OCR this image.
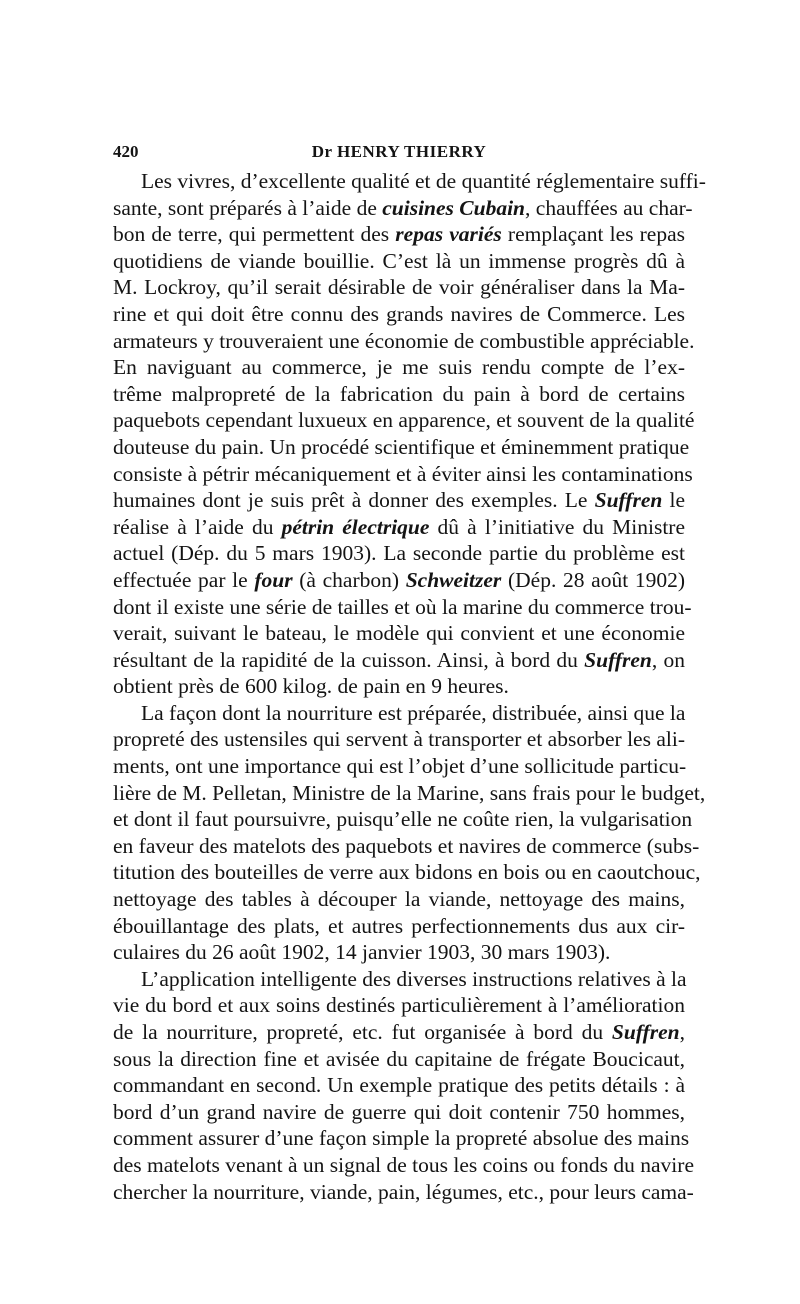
420	Dr HENRY THIERRY
Les vivres, d’excellente qualité et de quantité réglementaire suffi-
sante, sont préparés à l’aide de cuisines Cubain, chauffées au char-
bon de terre, qui permettent des repas variés remplaçant les repas
quotidiens de viande bouillie. C’est là un immense progrès dû à
M. Lockroy, qu’il serait désirable de voir généraliser dans la Ma-
rine et qui doit être connu des grands navires de Commerce. Les
armateurs y trouveraient une économie de combustible appréciable.
En naviguant au commerce, je me suis rendu compte de l’ex-
trême malpropreté de la fabrication du pain à bord de certains
paquebots cependant luxueux en apparence, et souvent de la qualité
douteuse du pain. Un procédé scientifique et éminemment pratique
consiste à pétrir mécaniquement et à éviter ainsi les contaminations
humaines dont je suis prêt à donner des exemples. Le Suffren le
réalise à l’aide du pétrin électrique dû à l’initiative du Ministre
actuel (Dép. du 5 mars 1903). La seconde partie du problème est
effectuée par le four (à charbon) Schweitzer (Dép. 28 août 1902)
dont il existe une série de tailles et où la marine du commerce trou-
verait, suivant le bateau, le modèle qui convient et une économie
résultant de la rapidité de la cuisson. Ainsi, à bord du Suffren, on
obtient près de 600 kilog. de pain en 9 heures.
La façon dont la nourriture est préparée, distribuée, ainsi que la
propreté des ustensiles qui servent à transporter et absorber les ali-
ments, ont une importance qui est l’objet d’une sollicitude particu-
lière de M. Pelletan, Ministre de la Marine, sans frais pour le budget,
et dont il faut poursuivre, puisqu’elle ne coûte rien, la vulgarisation
en faveur des matelots des paquebots et navires de commerce (subs-
titution des bouteilles de verre aux bidons en bois ou en caoutchouc,
nettoyage des tables à découper la viande, nettoyage des mains,
ébouillantage des plats, et autres perfectionnements dus aux cir-
culaires du 26 août 1902, 14 janvier 1903, 30 mars 1903).
L’application intelligente des diverses instructions relatives à la
vie du bord et aux soins destinés particulièrement à l’amélioration
de la nourriture, propreté, etc. fut organisée à bord du Suffren,
sous la direction fine et avisée du capitaine de frégate Boucicaut,
commandant en second. Un exemple pratique des petits détails : à
bord d’un grand navire de guerre qui doit contenir 750 hommes,
comment assurer d’une façon simple la propreté absolue des mains
des matelots venant à un signal de tous les coins ou fonds du navire
chercher la nourriture, viande, pain, légumes, etc., pour leurs cama-
